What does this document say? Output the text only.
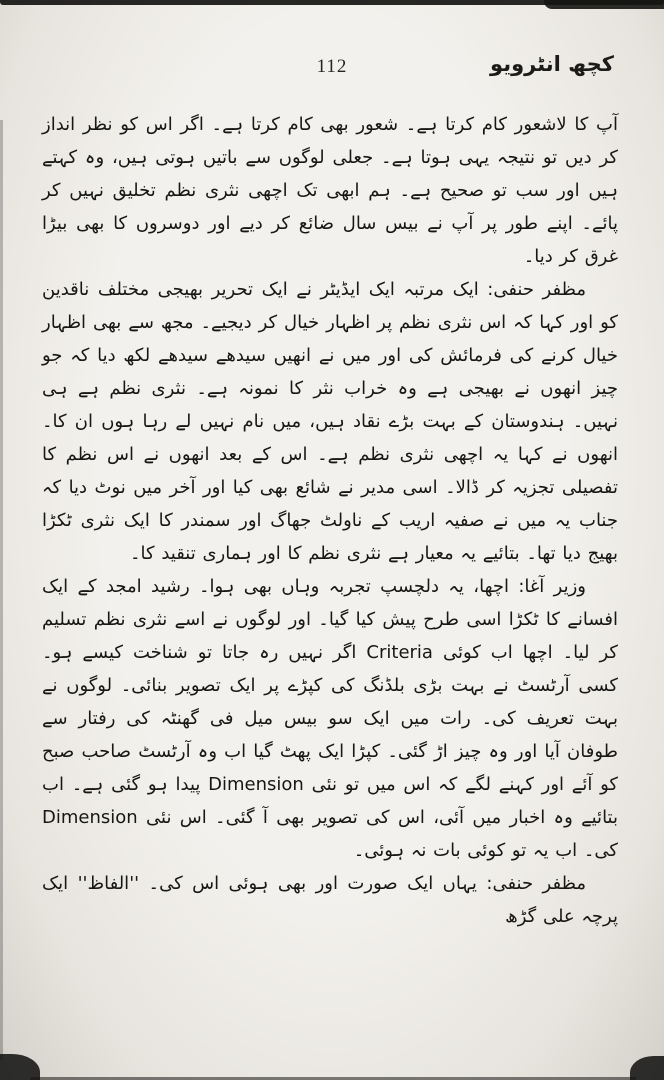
112	کچھ انٹرویو

آپ کا لاشعور کام کرتا ہے۔ شعور بھی کام کرتا ہے۔ اگر اس کو نظر انداز کر دیں تو نتیجہ یہی ہوتا ہے۔ جعلی لوگوں سے باتیں ہوتی ہیں، وہ کہتے ہیں اور سب تو صحیح ہے۔ ہم ابھی تک اچھی نثری نظم تخلیق نہیں کر پائے۔ اپنے طور پر آپ نے بیس سال ضائع کر دیے اور دوسروں کا بھی بیڑا غرق کر دیا۔

مظفر حنفی: ایک مرتبہ ایک ایڈیٹر نے ایک تحریر بھیجی مختلف ناقدین کو اور کہا کہ اس نثری نظم پر اظہار خیال کر دیجیے۔ مجھ سے بھی اظہار خیال کرنے کی فرمائش کی اور میں نے انھیں سیدھے سیدھے لکھ دیا کہ جو چیز انھوں نے بھیجی ہے وہ خراب نثر کا نمونہ ہے۔ نثری نظم ہے ہی نہیں۔ ہندوستان کے بہت بڑے نقاد ہیں، میں نام نہیں لے رہا ہوں ان کا۔ انھوں نے کہا یہ اچھی نثری نظم ہے۔ اس کے بعد انھوں نے اس نظم کا تفصیلی تجزیہ کر ڈالا۔ اسی مدیر نے شائع بھی کیا اور آخر میں نوٹ دیا کہ جناب یہ میں نے صفیہ اریب کے ناولٹ جھاگ اور سمندر کا ایک نثری ٹکڑا بھیج دیا تھا۔ بتائیے یہ معیار ہے نثری نظم کا اور ہماری تنقید کا۔

وزیر آغا: اچھا، یہ دلچسپ تجربہ وہاں بھی ہوا۔ رشید امجد کے ایک افسانے کا ٹکڑا اسی طرح پیش کیا گیا۔ اور لوگوں نے اسے نثری نظم تسلیم کر لیا۔ اچھا اب کوئی Criteria اگر نہیں رہ جاتا تو شناخت کیسے ہو۔ کسی آرٹسٹ نے بہت بڑی بلڈنگ کی کپڑے پر ایک تصویر بنائی۔ لوگوں نے بہت تعریف کی۔ رات میں ایک سو بیس میل فی گھنٹہ کی رفتار سے طوفان آیا اور وہ چیز اڑ گئی۔ کپڑا ایک پھٹ گیا اب وہ آرٹسٹ صاحب صبح کو آئے اور کہنے لگے کہ اس میں تو نئی Dimension پیدا ہو گئی ہے۔ اب بتائیے وہ اخبار میں آئی، اس کی تصویر بھی آ گئی۔ اس نئی Dimension کی۔ اب یہ تو کوئی بات نہ ہوئی۔

مظفر حنفی: یہاں ایک صورت اور بھی ہوئی اس کی۔ ''الفاظ'' ایک پرچہ علی گڑھ
